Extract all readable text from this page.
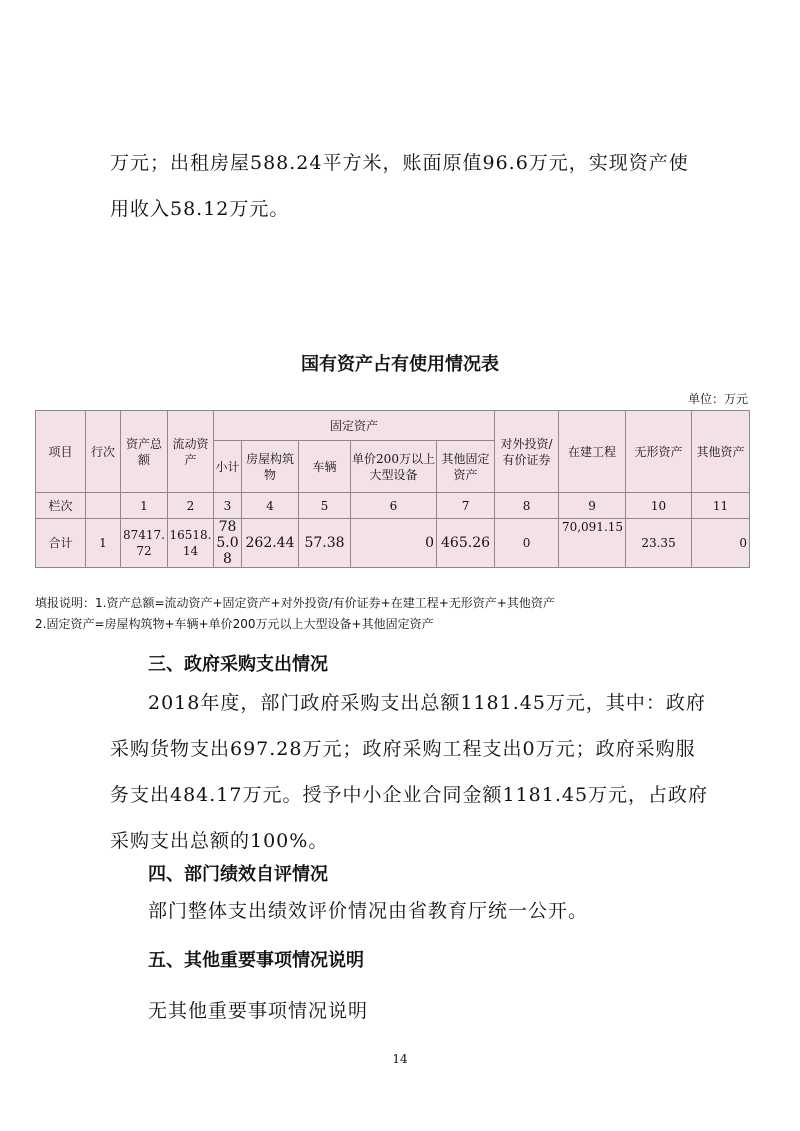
万元；出租房屋588.24平方米，账面原值96.6万元，实现资产使
用收入58.12万元。
国有资产占有使用情况表
单位：万元
项目	行次	资产总额	流动资产	固定资产					对外投资/有价证券	在建工程	无形资产	其他资产
				小计	房屋构筑物	车辆	单价200万以上大型设备	其他固定资产				
栏次		1	2	3	4	5	6	7	8	9	10	11
合计	1	87417.72	16518.14	785.08	262.44	57.38	0	465.26	0	70,091.15	23.35	0
填报说明：1.资产总额=流动资产+固定资产+对外投资/有价证券+在建工程+无形资产+其他资产
2.固定资产=房屋构筑物+车辆+单价200万元以上大型设备+其他固定资产
三、政府采购支出情况
2018年度，部门政府采购支出总额1181.45万元，其中：政府
采购货物支出697.28万元；政府采购工程支出0万元；政府采购服
务支出484.17万元。授予中小企业合同金额1181.45万元，占政府
采购支出总额的100%。
四、部门绩效自评情况
部门整体支出绩效评价情况由省教育厅统一公开。
五、其他重要事项情况说明
无其他重要事项情况说明
14
